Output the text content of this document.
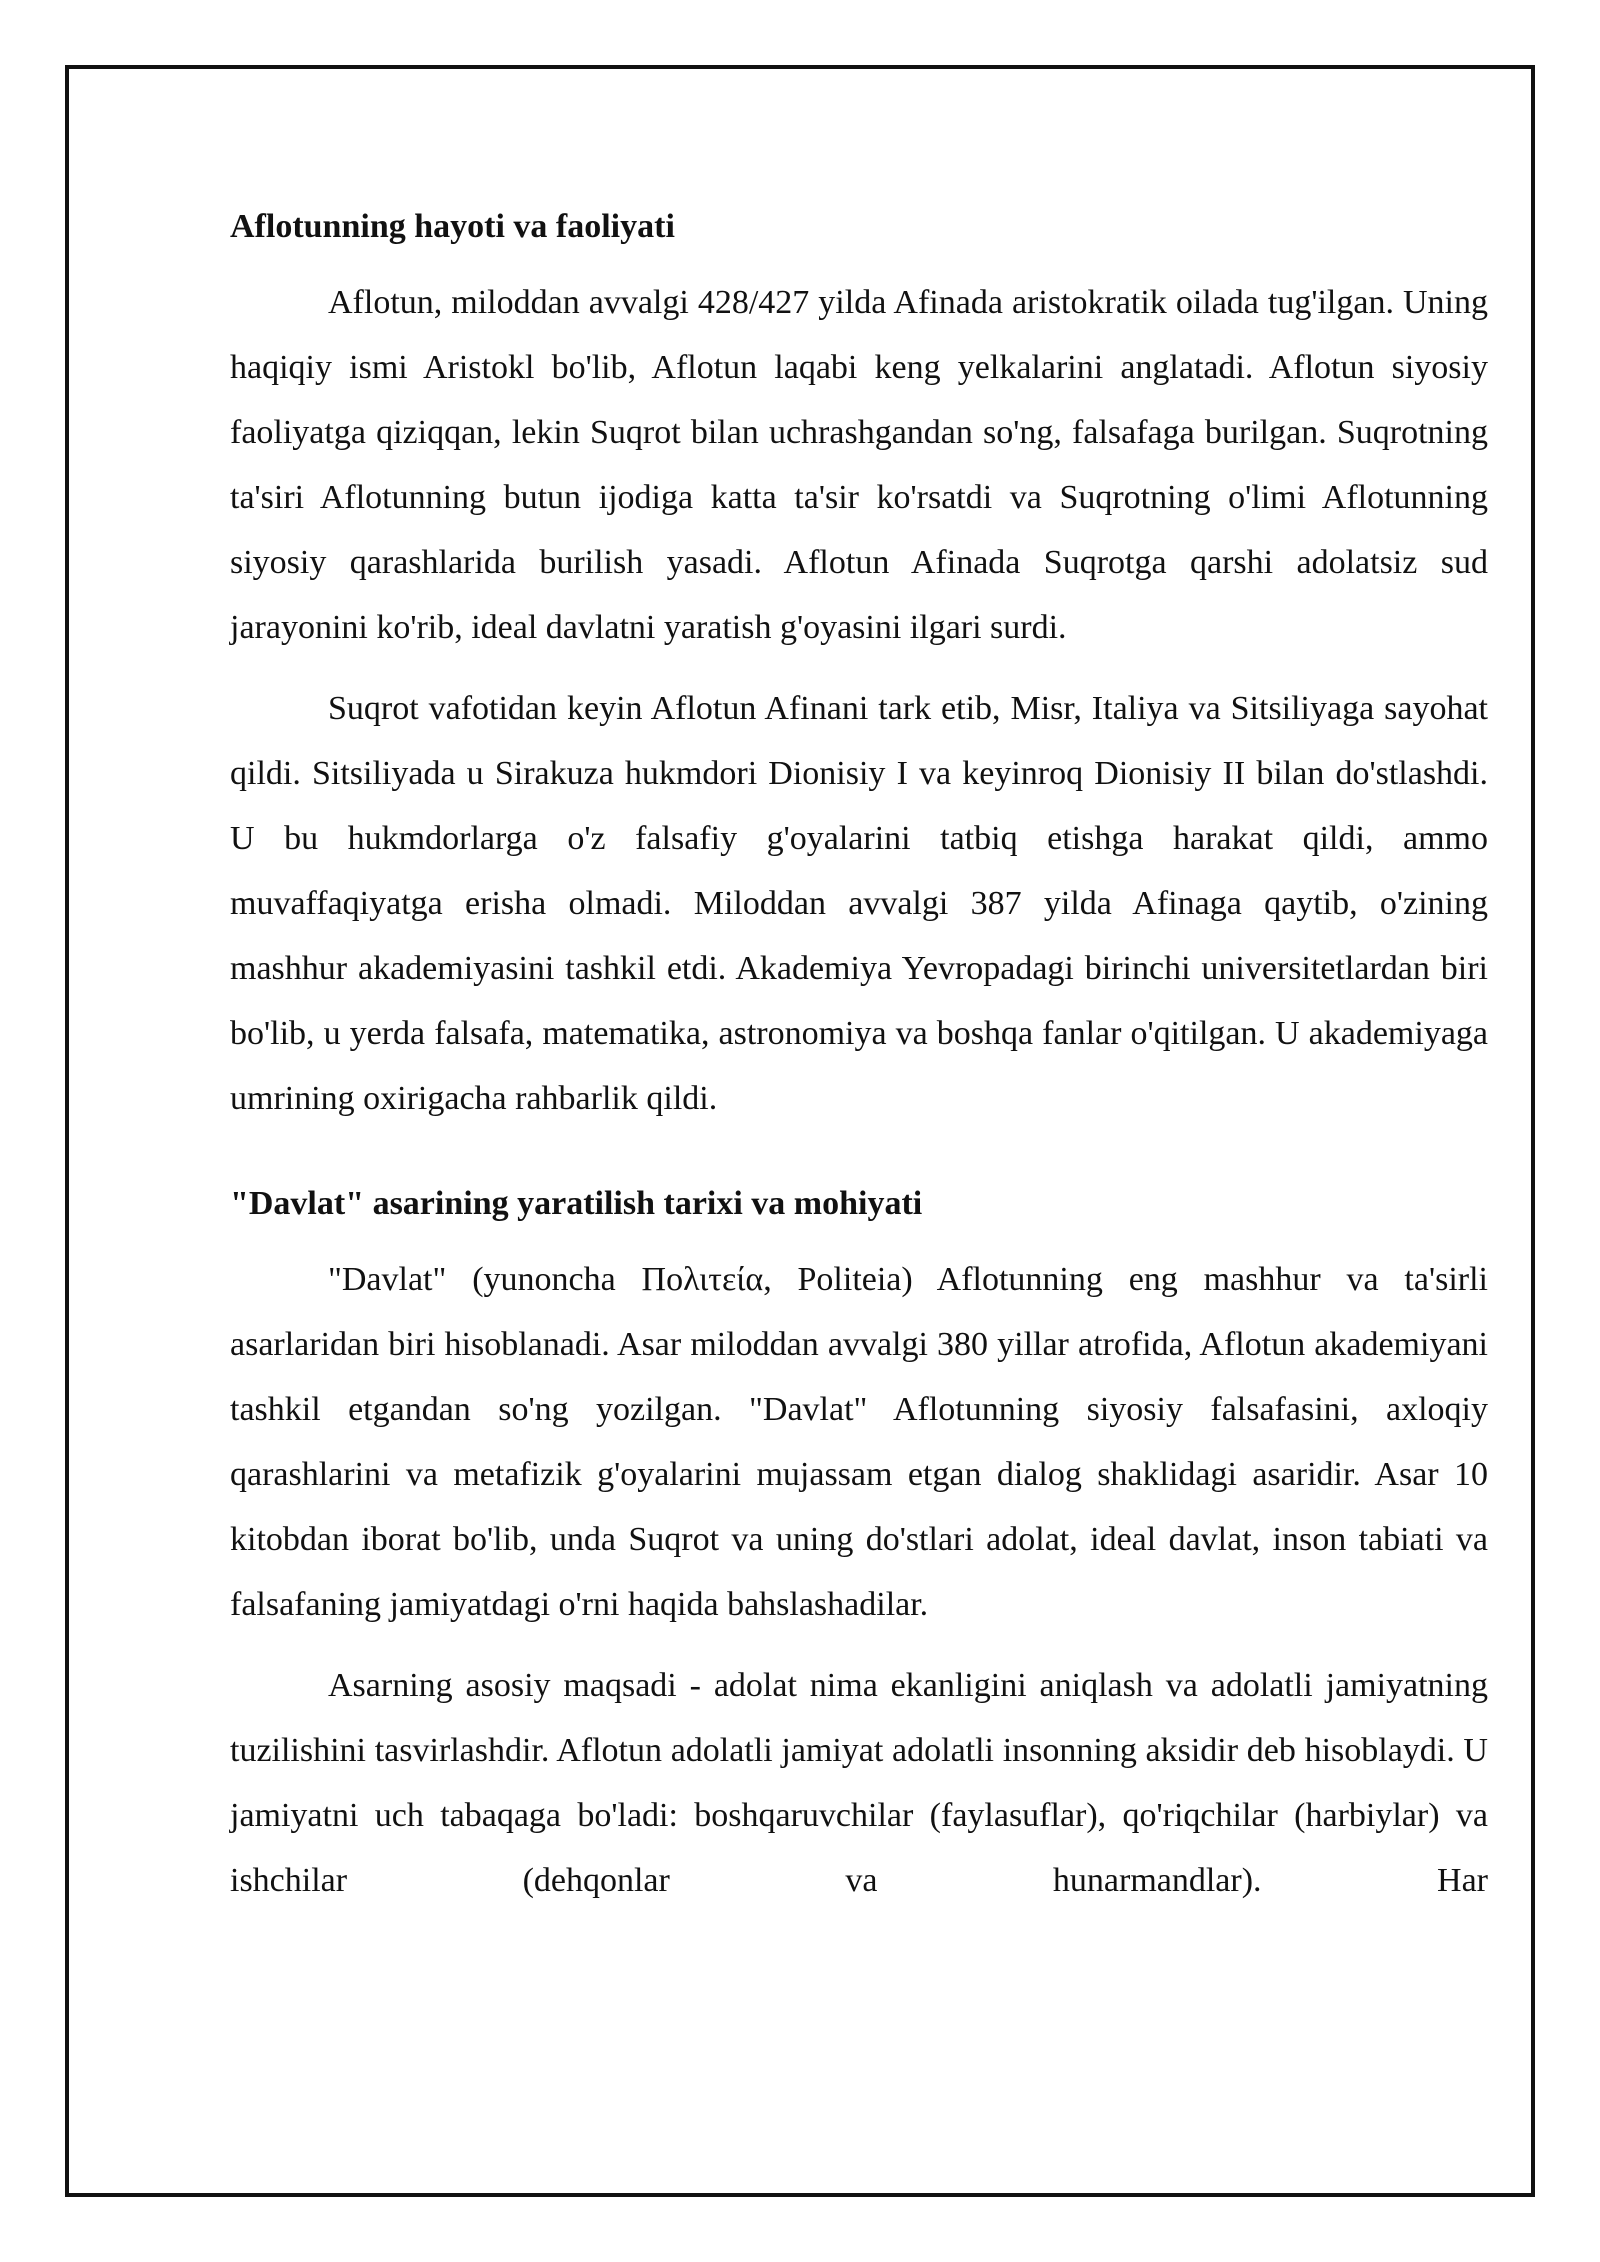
Aflotunning hayoti va faoliyati

Aflotun, miloddan avvalgi 428/427 yilda Afinada aristokratik oilada tug'ilgan. Uning haqiqiy ismi Aristokl bo'lib, Aflotun laqabi keng yelkalarini anglatadi. Aflotun siyosiy faoliyatga qiziqqan, lekin Suqrot bilan uchrashgandan so'ng, falsafaga burilgan. Suqrotning ta'siri Aflotunning butun ijodiga katta ta'sir ko'rsatdi va Suqrotning o'limi Aflotunning siyosiy qarashlarida burilish yasadi. Aflotun Afinada Suqrotga qarshi adolatsiz sud jarayonini ko'rib, ideal davlatni yaratish g'oyasini ilgari surdi.

Suqrot vafotidan keyin Aflotun Afinani tark etib, Misr, Italiya va Sitsiliyaga sayohat qildi. Sitsiliyada u Sirakuza hukmdori Dionisiy I va keyinroq Dionisiy II bilan do'stlashdi. U bu hukmdorlarga o'z falsafiy g'oyalarini tatbiq etishga harakat qildi, ammo muvaffaqiyatga erisha olmadi. Miloddan avvalgi 387 yilda Afinaga qaytib, o'zining mashhur akademiyasini tashkil etdi. Akademiya Yevropadagi birinchi universitetlardan biri bo'lib, u yerda falsafa, matematika, astronomiya va boshqa fanlar o'qitilgan. U akademiyaga umrining oxirigacha rahbarlik qildi.

"Davlat" asarining yaratilish tarixi va mohiyati

"Davlat" (yunoncha Πολιτεία, Politeia) Aflotunning eng mashhur va ta'sirli asarlaridan biri hisoblanadi. Asar miloddan avvalgi 380 yillar atrofida, Aflotun akademiyani tashkil etgandan so'ng yozilgan. "Davlat" Aflotunning siyosiy falsafasini, axloqiy qarashlarini va metafizik g'oyalarini mujassam etgan dialog shaklidagi asaridir. Asar 10 kitobdan iborat bo'lib, unda Suqrot va uning do'stlari adolat, ideal davlat, inson tabiati va falsafaning jamiyatdagi o'rni haqida bahslashadilar.

Asarning asosiy maqsadi - adolat nima ekanligini aniqlash va adolatli jamiyatning tuzilishini tasvirlashdir. Aflotun adolatli jamiyat adolatli insonning aksidir deb hisoblaydi. U jamiyatni uch tabaqaga bo'ladi: boshqaruvchilar (faylasuflar), qo'riqchilar (harbiylar) va ishchilar (dehqonlar va hunarmandlar). Har
